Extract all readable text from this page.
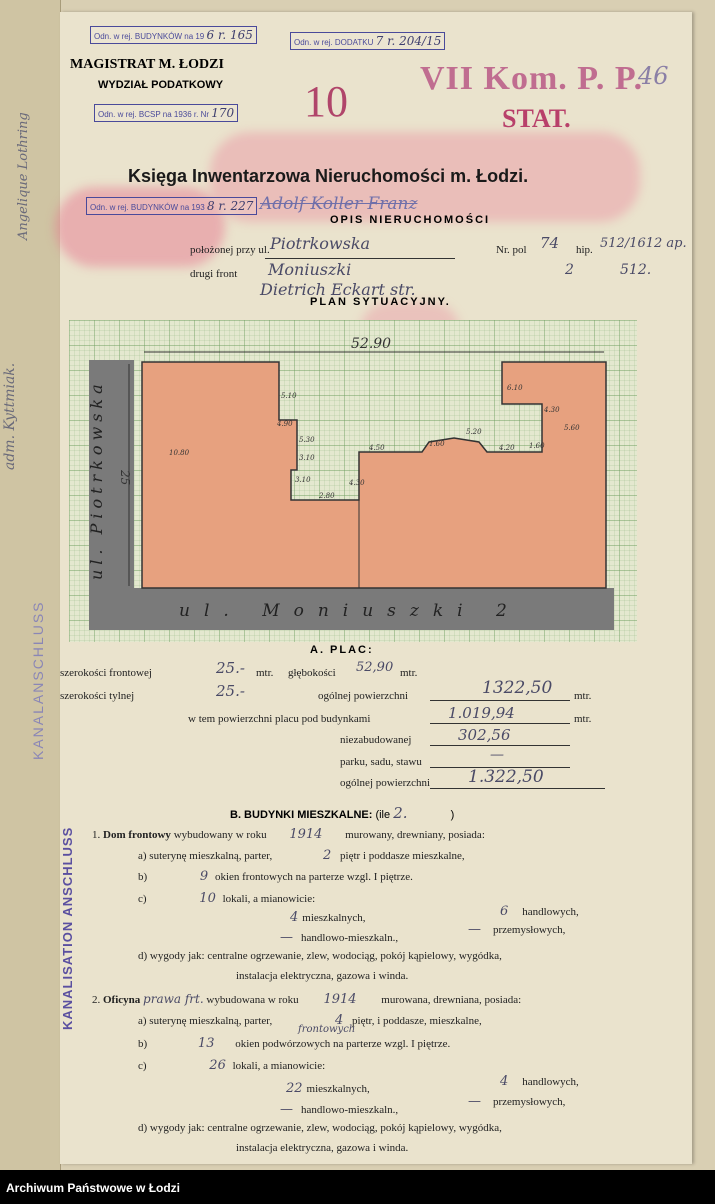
adm. Kyttmiak.
Angelique Lothring
Odn. w rej. BUDYNKÓW na 19 6 r. 165
Odn. w rej. DODATKU 7 r. 204/15
MAGISTRAT M. ŁODZI
WYDZIAŁ PODATKOWY
Odn. w rej. BCSP na 1936 r. Nr 170 10 VII Kom. P. P.
STAT.
46
Księga Inwentarzowa Nieruchomości m. Łodzi.
Odn. w rej. BUDYNKÓW na 193 8 r. 227 Adolf Koller Franz
OPIS NIERUCHOMOŚCI
położonej przy ul. Piotrkowska	Nr. pol 74 hip. 512/1612 ap.
drugi front Moniuszki	2	512.
Dietrich Eckart str.
PLAN SYTUACYJNY.
52.90
25
ul. Piotrkowska
ul. Moniuszki 2
10.80
5.10
4.90
5.30
3.10
3.10
2.80
4.30
4.50	1.60
5.20
4.20 1.60
6.10
4.30
5.60
A. PLAC:
szerokości frontowej	25.- mtr. głębokości 52,90 mtr.
szerokości tylnej	25.-	ogólnej powierzchni	1322,50 mtr.
w tem powierzchni placu pod budynkami	1.019,94	mtr.
niezabudowanej	302,56
parku, sadu, stawu	—
ogólnej powierzchni 1.322,50
B. BUDYNKI MIESZKALNE: (ile 2.	)
1. Dom frontowy wybudowany w roku 1914 murowany, drewniany, posiada:
a) suterynę mieszkalną, parter,	2 piętr i poddasze mieszkalne,
b)	9 okien frontowych na parterze wzgl. I piętrze.
c)	10 lokali, a mianowicie:
4 mieszkalnych,	6 handlowych,
— handlowo-mieszkaln.,
— przemysłowych,
d) wygody jak: centralne ogrzewanie, zlew, wodociąg, pokój kąpielowy, wygódka,
instalacja elektryczna, gazowa i winda.
2. Oficyna prawa frt. wybudowana w roku 1914 murowana, drewniana, posiada:
a) suterynę mieszkalną, parter,	4 piętr, i poddasze, mieszkalne,
frontowych
b)	13 okien podwórzowych na parterze wzgl. I piętrze.
c)	26 lokali, a mianowicie:
22 mieszkalnych,	4 handlowych,
— handlowo-mieszkaln.,
— przemysłowych,
d) wygody jak: centralne ogrzewanie, zlew, wodociąg, pokój kąpielowy, wygódka,
instalacja elektryczna, gazowa i winda.
KANALISATION ANSCHLUSS
KANALANSCHLUSS
Archiwum Państwowe w Łodzi
